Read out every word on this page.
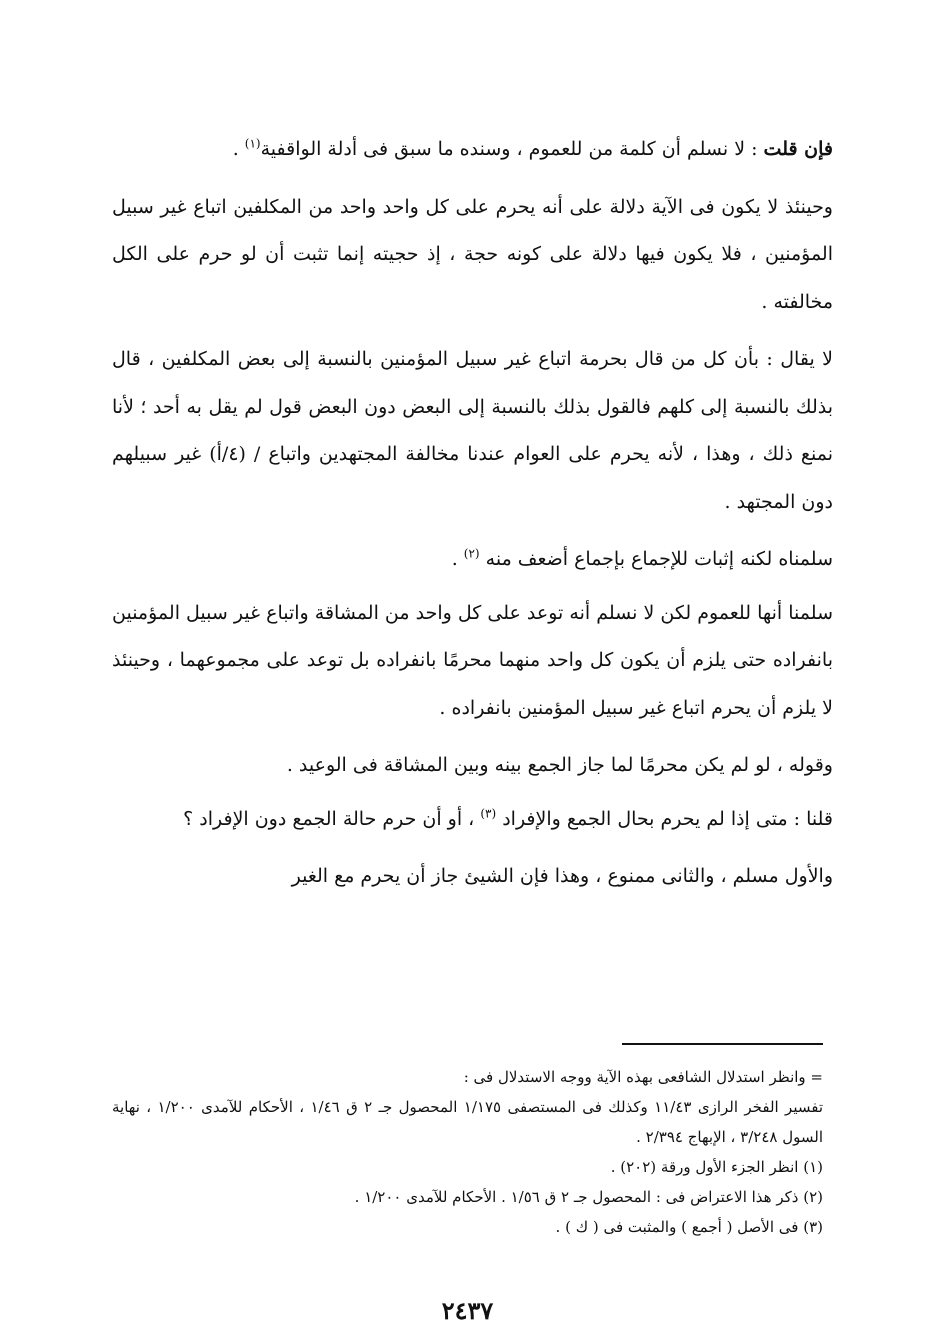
فإن قلت : لا نسلم أن كلمة من للعموم ، وسنده ما سبق فى أدلة الواقفية$^{(١)}$ .

وحينئذ لا يكون فى الآية دلالة على أنه يحرم على كل واحد واحد من المكلفين اتباع غير سبيل المؤمنين ، فلا يكون فيها دلالة على كونه حجة ، إذ حجيته إنما تثبت أن لو حرم على الكل مخالفته .

لا يقال : بأن كل من قال بحرمة اتباع غير سبيل المؤمنين بالنسبة إلى بعض المكلفين ، قال بذلك بالنسبة إلى كلهم فالقول بذلك بالنسبة إلى البعض دون البعض قول لم يقل به أحد ؛ لأنا نمنع ذلك ، وهذا ، لأنه يحرم على العوام عندنا مخالفة المجتهدين واتباع / (٤/أ) غير سبيلهم دون المجتهد .

سلمناه لكنه إثبات للإجماع بإجماع أضعف منه $^{(٢)}$ .

سلمنا أنها للعموم لكن لا نسلم أنه توعد على كل واحد من المشاقة واتباع غير سبيل المؤمنين بانفراده حتى يلزم أن يكون كل واحد منهما محرمًا بانفراده بل توعد على مجموعهما ، وحينئذ لا يلزم أن يحرم اتباع غير سبيل المؤمنين بانفراده .

وقوله ، لو لم يكن محرمًا لما جاز الجمع بينه وبين المشاقة فى الوعيد .

قلنا : متى إذا لم يحرم بحال الجمع والإفراد $^{(٣)}$ ، أو أن حرم حالة الجمع دون الإفراد ؟

والأول مسلم ، والثانى ممنوع ، وهذا فإن الشيئ جاز أن يحرم مع الغير

= وانظر استدلال الشافعى بهذه الآية ووجه الاستدلال فى :

تفسير الفخر الرازى ١١/٤٣ وكذلك فى المستصفى ١/١٧٥ المحصول جـ ٢ ق ١/٤٦ ، الأحكام للآمدى ١/٢٠٠ ، نهاية السول ٣/٢٤٨ ، الإبهاج ٢/٣٩٤ .

(١) انظر الجزء الأول ورقة (٢٠٢) .

(٢) ذكر هذا الاعتراض فى : المحصول جـ ٢ ق ١/٥٦ . الأحكام للآمدى ١/٢٠٠ .

(٣) فى الأصل ( أجمع ) والمثبت فى ( ك ) .

٢٤٣٧
